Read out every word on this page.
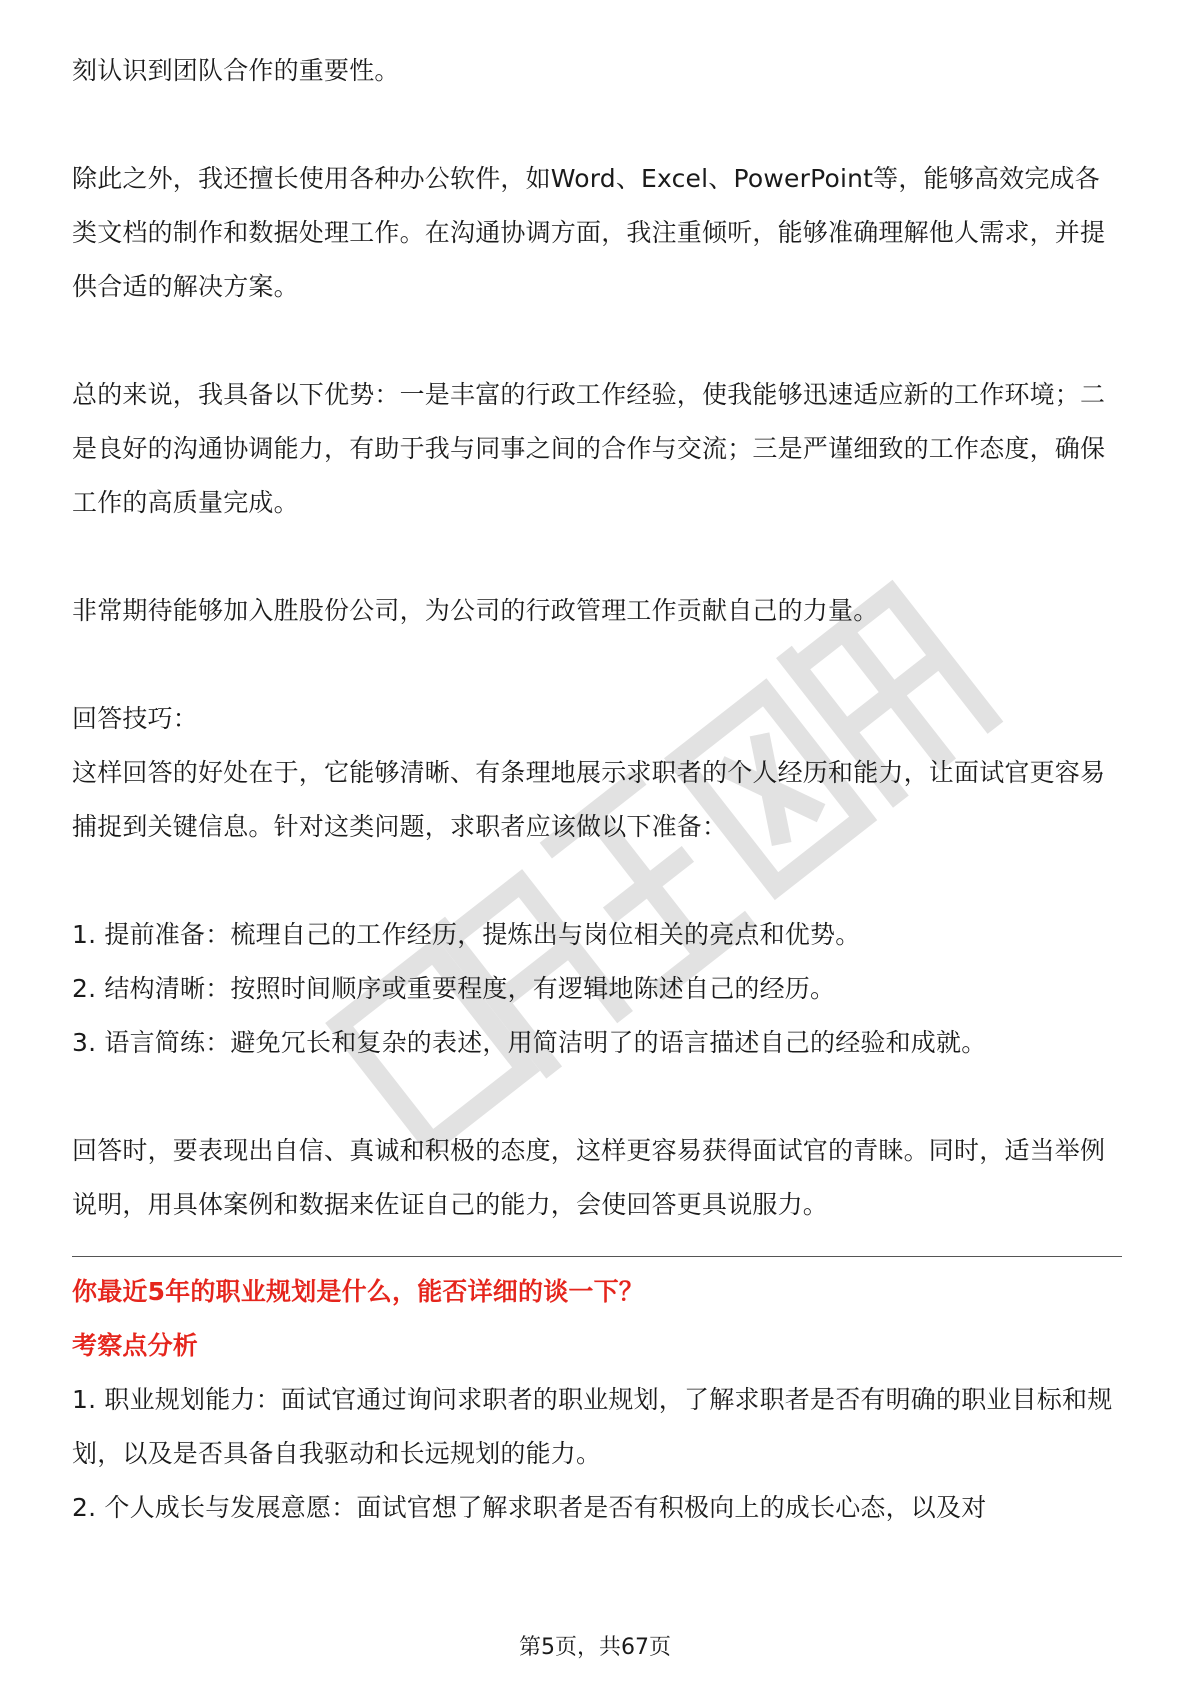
刻认识到团队合作的重要性。

除此之外，我还擅长使用各种办公软件，如Word、Excel、PowerPoint等，能够高效完成各类文档的制作和数据处理工作。在沟通协调方面，我注重倾听，能够准确理解他人需求，并提供合适的解决方案。

总的来说，我具备以下优势：一是丰富的行政工作经验，使我能够迅速适应新的工作环境；二是良好的沟通协调能力，有助于我与同事之间的合作与交流；三是严谨细致的工作态度，确保工作的高质量完成。

非常期待能够加入胜股份公司，为公司的行政管理工作贡献自己的力量。

回答技巧：

这样回答的好处在于，它能够清晰、有条理地展示求职者的个人经历和能力，让面试官更容易捕捉到关键信息。针对这类问题，求职者应该做以下准备：

1. 提前准备：梳理自己的工作经历，提炼出与岗位相关的亮点和优势。

2. 结构清晰：按照时间顺序或重要程度，有逻辑地陈述自己的经历。

3. 语言简练：避免冗长和复杂的表述，用简洁明了的语言描述自己的经验和成就。

回答时，要表现出自信、真诚和积极的态度，这样更容易获得面试官的青睐。同时，适当举例说明，用具体案例和数据来佐证自己的能力，会使回答更具说服力。

你最近5年的职业规划是什么，能否详细的谈一下？

考察点分析

1. 职业规划能力：面试官通过询问求职者的职业规划，了解求职者是否有明确的职业目标和规划，以及是否具备自我驱动和长远规划的能力。

2. 个人成长与发展意愿：面试官想了解求职者是否有积极向上的成长心态，以及对

第5页，共67页
